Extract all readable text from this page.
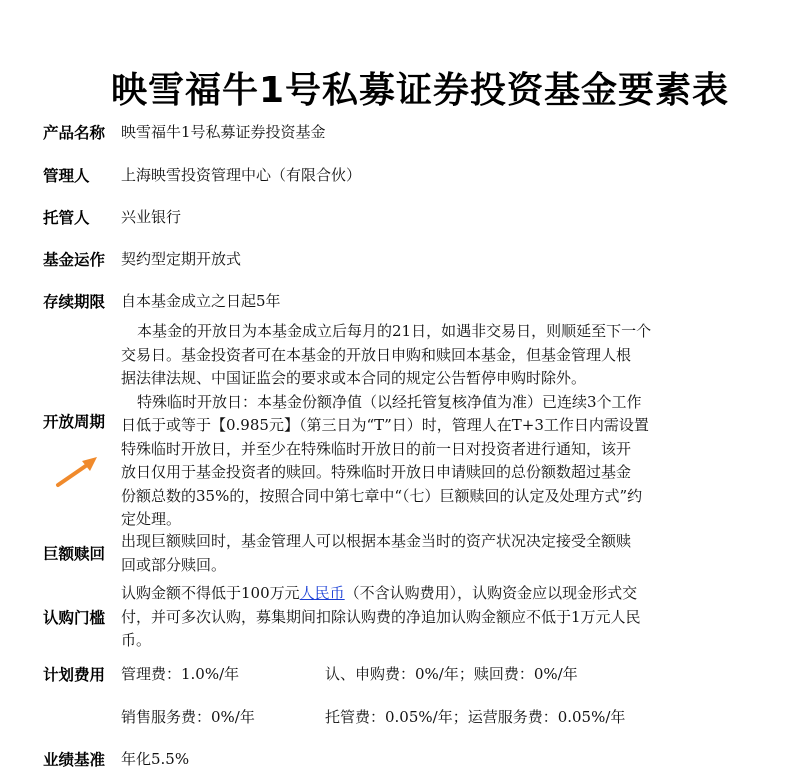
映雪福牛1号私募证券投资基金要素表
产品名称 映雪福牛1号私募证券投资基金
管理人 上海映雪投资管理中心（有限合伙）
托管人 兴业银行
基金运作 契约型定期开放式
存续期限 自本基金成立之日起5年
开放周期
本基金的开放日为本基金成立后每月的21日，如遇非交易日，则顺延至下一个
交易日。基金投资者可在本基金的开放日申购和赎回本基金，但基金管理人根
据法律法规、中国证监会的要求或本合同的规定公告暂停申购时除外。
特殊临时开放日：本基金份额净值（以经托管复核净值为准）已连续3个工作
日低于或等于【0.985元】（第三日为“T”日）时，管理人在T+3工作日内需设置
特殊临时开放日，并至少在特殊临时开放日的前一日对投资者进行通知，该开
放日仅用于基金投资者的赎回。特殊临时开放日申请赎回的总份额数超过基金
份额总数的35%的，按照合同中第七章中“（七）巨额赎回的认定及处理方式”约
定处理。
巨额赎回
出现巨额赎回时，基金管理人可以根据本基金当时的资产状况决定接受全额赎
回或部分赎回。
认购门槛
认购金额不得低于100万元人民币（不含认购费用），认购资金应以现金形式交
付，并可多次认购，募集期间扣除认购费的净追加认购金额应不低于1万元人民
币。
计划费用 管理费：1.0%/年	认、申购费：0%/年；赎回费：0%/年
销售服务费：0%/年	托管费：0.05%/年；运营服务费：0.05%/年
业绩基准 年化5.5%
